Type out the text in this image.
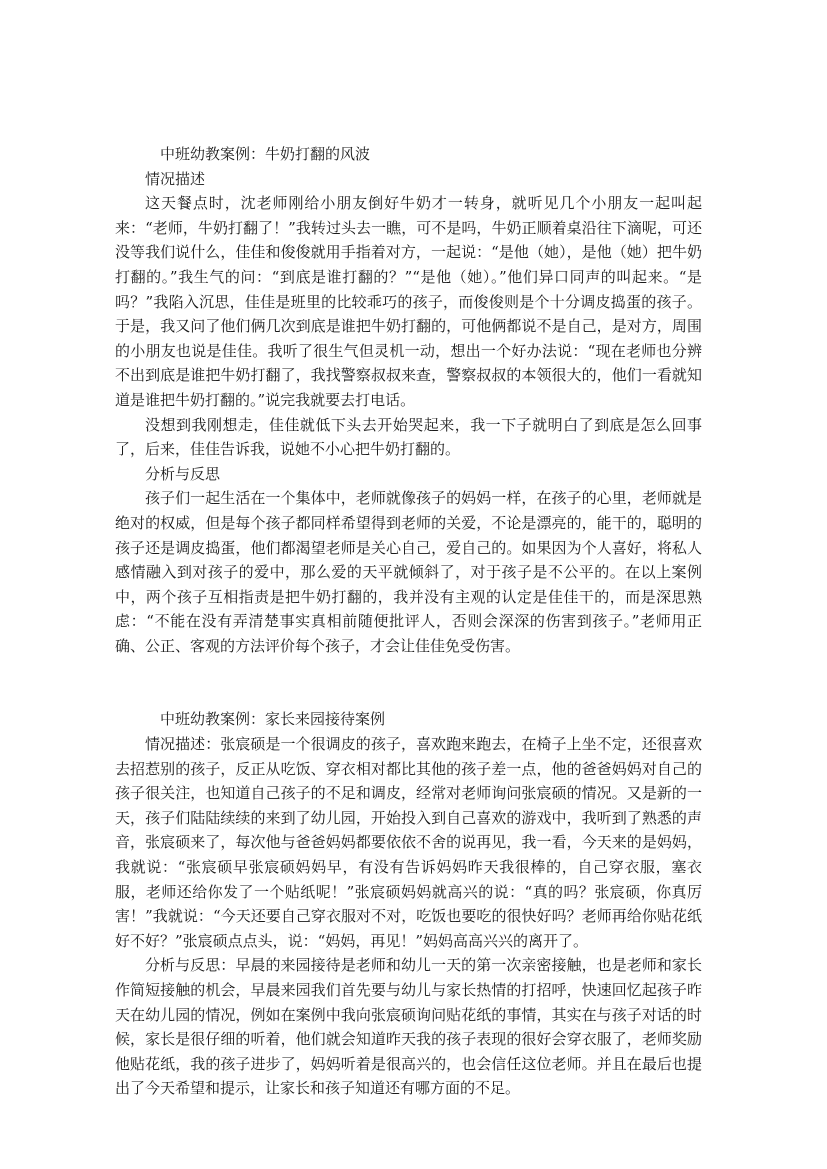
中班幼教案例：牛奶打翻的风波

情况描述

这天餐点时，沈老师刚给小朋友倒好牛奶才一转身，就听见几个小朋友一起叫起来：“老师，牛奶打翻了！”我转过头去一瞧，可不是吗，牛奶正顺着桌沿往下滴呢，可还没等我们说什么，佳佳和俊俊就用手指着对方，一起说：“是他（她），是他（她）把牛奶打翻的。”我生气的问：“到底是谁打翻的？”“是他（她）。”他们异口同声的叫起来。“是吗？”我陷入沉思，佳佳是班里的比较乖巧的孩子，而俊俊则是个十分调皮捣蛋的孩子。于是，我又问了他们俩几次到底是谁把牛奶打翻的，可他俩都说不是自己，是对方，周围的小朋友也说是佳佳。我听了很生气但灵机一动，想出一个好办法说：“现在老师也分辨不出到底是谁把牛奶打翻了，我找警察叔叔来查，警察叔叔的本领很大的，他们一看就知道是谁把牛奶打翻的。”说完我就要去打电话。

没想到我刚想走，佳佳就低下头去开始哭起来，我一下子就明白了到底是怎么回事了，后来，佳佳告诉我，说她不小心把牛奶打翻的。

分析与反思

孩子们一起生活在一个集体中，老师就像孩子的妈妈一样，在孩子的心里，老师就是绝对的权威，但是每个孩子都同样希望得到老师的关爱，不论是漂亮的，能干的，聪明的孩子还是调皮捣蛋，他们都渴望老师是关心自己，爱自己的。如果因为个人喜好，将私人感情融入到对孩子的爱中，那么爱的天平就倾斜了，对于孩子是不公平的。在以上案例中，两个孩子互相指责是把牛奶打翻的，我并没有主观的认定是佳佳干的，而是深思熟虑：“不能在没有弄清楚事实真相前随便批评人，否则会深深的伤害到孩子。”老师用正确、公正、客观的方法评价每个孩子，才会让佳佳免受伤害。

中班幼教案例：家长来园接待案例

情况描述：张宸硕是一个很调皮的孩子，喜欢跑来跑去，在椅子上坐不定，还很喜欢去招惹别的孩子，反正从吃饭、穿衣相对都比其他的孩子差一点，他的爸爸妈妈对自己的孩子很关注，也知道自己孩子的不足和调皮，经常对老师询问张宸硕的情况。又是新的一天，孩子们陆陆续续的来到了幼儿园，开始投入到自己喜欢的游戏中，我听到了熟悉的声音，张宸硕来了，每次他与爸爸妈妈都要依依不舍的说再见，我一看，今天来的是妈妈，我就说：“张宸硕早张宸硕妈妈早，有没有告诉妈妈昨天我很棒的，自己穿衣服，塞衣服，老师还给你发了一个贴纸呢！”张宸硕妈妈就高兴的说：“真的吗？张宸硕，你真厉害！”我就说：“今天还要自己穿衣服对不对，吃饭也要吃的很快好吗？老师再给你贴花纸好不好？”张宸硕点点头，说：“妈妈，再见！”妈妈高高兴兴的离开了。

分析与反思：早晨的来园接待是老师和幼儿一天的第一次亲密接触，也是老师和家长作简短接触的机会，早晨来园我们首先要与幼儿与家长热情的打招呼，快速回忆起孩子昨天在幼儿园的情况，例如在案例中我向张宸硕询问贴花纸的事情，其实在与孩子对话的时候，家长是很仔细的听着，他们就会知道昨天我的孩子表现的很好会穿衣服了，老师奖励他贴花纸，我的孩子进步了，妈妈听着是很高兴的，也会信任这位老师。并且在最后也提出了今天希望和提示，让家长和孩子知道还有哪方面的不足。
